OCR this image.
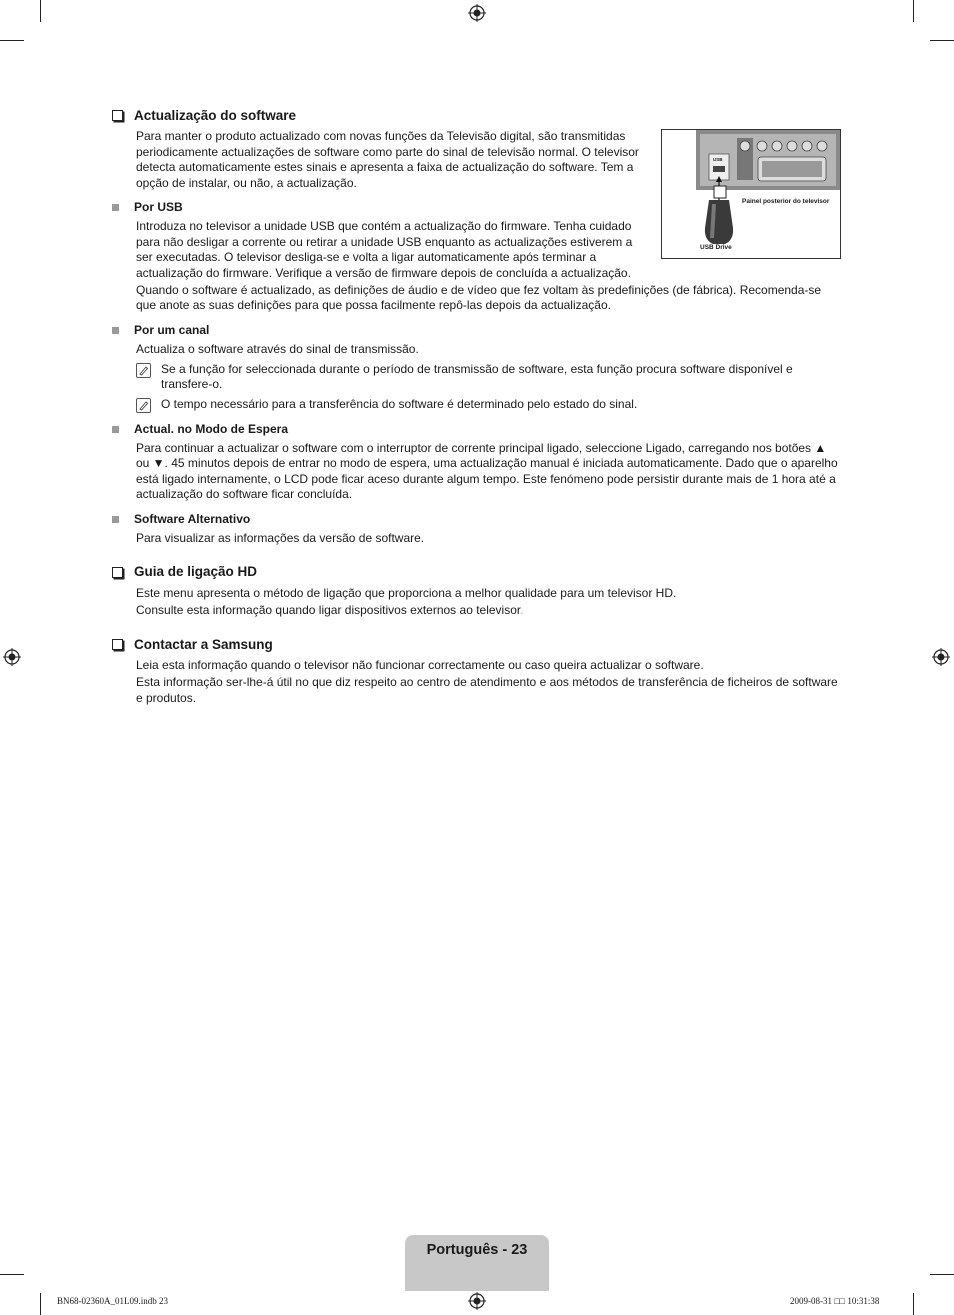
USB
Painel posterior do televisor
USB Drive
Actualização do software
Para manter o produto actualizado com novas funções da Televisão digital, são transmitidas periodicamente actualizações de software como parte do sinal de televisão normal. O televisor detecta automaticamente estes sinais e apresenta a faixa de actualização do software. Tem a opção de instalar, ou não, a actualização.
Por USB
Introduza no televisor a unidade USB que contém a actualização do firmware. Tenha cuidado para não desligar a corrente ou retirar a unidade USB enquanto as actualizações estiverem a ser executadas. O televisor desliga-se e volta a ligar automaticamente após terminar a actualização do firmware. Verifique a versão de firmware depois de concluída a actualização.
Quando o software é actualizado, as definições de áudio e de vídeo que fez voltam às predefinições (de fábrica). Recomenda-se que anote as suas definições para que possa facilmente repô-las depois da actualização.
Por um canal
Actualiza o software através do sinal de transmissão.
Se a função for seleccionada durante o período de transmissão de software, esta função procura software disponível e transfere-o.
O tempo necessário para a transferência do software é determinado pelo estado do sinal.
Actual. no Modo de Espera
Para continuar a actualizar o software com o interruptor de corrente principal ligado, seleccione Ligado, carregando nos botões ▲ ou ▼. 45 minutos depois de entrar no modo de espera, uma actualização manual é iniciada automaticamente. Dado que o aparelho está ligado internamente, o LCD pode ficar aceso durante algum tempo. Este fenómeno pode persistir durante mais de 1 hora até a actualização do software ficar concluída.
Software Alternativo
Para visualizar as informações da versão de software.
Guia de ligação HD
Este menu apresenta o método de ligação que proporciona a melhor qualidade para um televisor HD.
Consulte esta informação quando ligar dispositivos externos ao televisor.
Contactar a Samsung
Leia esta informação quando o televisor não funcionar correctamente ou caso queira actualizar o software.
Esta informação ser-lhe-á útil no que diz respeito ao centro de atendimento e aos métodos de transferência de ficheiros de software e produtos.
Português - 23
BN68-02360A_01L09.indb 23	2009-08-31 □□ 10:31:38
